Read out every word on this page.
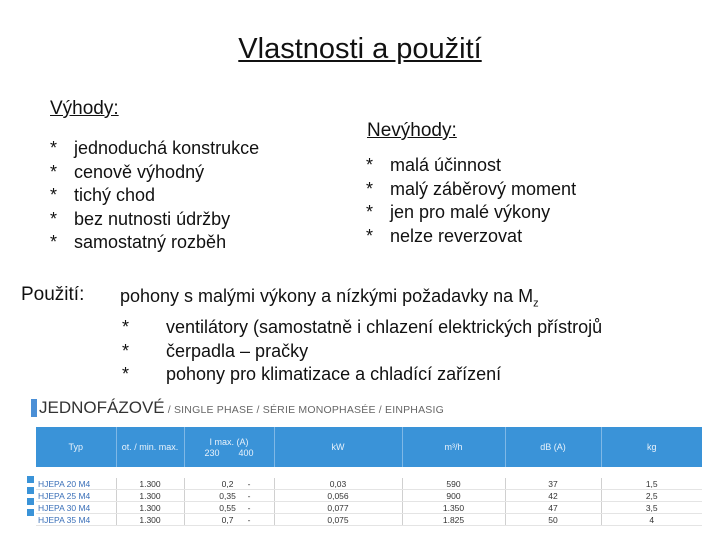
Vlastnosti a použití
Výhody:
* jednoduchá konstrukce
* cenově výhodný
* tichý chod
* bez nutnosti údržby
* samostatný rozběh
Nevýhody:
* malá účinnost
* malý záběrový moment
* jen pro malé výkony
* nelze reverzovat
Použití: pohony s malými výkony a nízkými požadavky na $M_z$
* ventilátory (samostatně i chlazení elektrických přístrojů
* čerpadla – pračky
* pohony pro klimatizace a chladící zařízení
JEDNOFÁZOVÉ / SINGLE PHASE / SÉRIE MONOPHASÉE / EINPHASIG
Typ	ot. / min. max.	I max. (A)
230 400	kW	m³/h	dB (A)	kg

HJEPA 20 M4	1.300	0,2 -	0,03	590	37	1,5
HJEPA 25 M4	1.300	0,35 -	0,056	900	42	2,5
HJEPA 30 M4	1.300	0,55 -	0,077	1.350	47	3,5
HJEPA 35 M4	1.300	0,7 -	0,075	1.825	50	4
